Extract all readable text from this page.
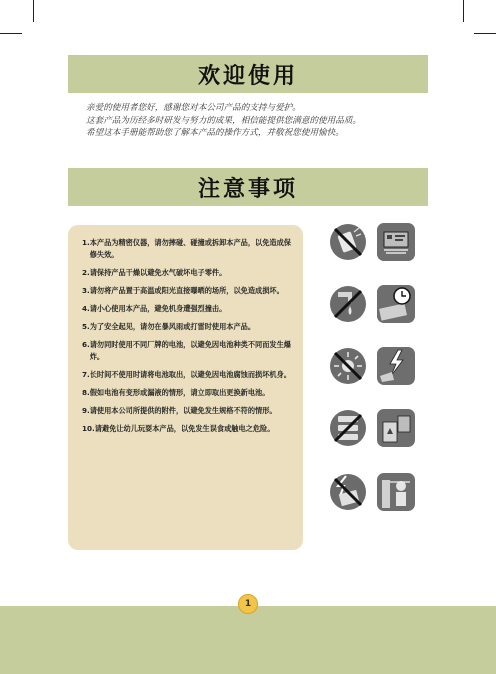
欢迎使用
亲爱的使用者您好，感谢您对本公司产品的支持与爱护。
这套产品为历经多时研发与努力的成果，相信能提供您满意的使用品质。
希望这本手册能帮助您了解本产品的操作方式，并敬祝您使用愉快。
注意事项
1. 本产品为精密仪器，请勿摔碰、碰撞或拆卸本产品，以免造成保修失效。
2. 请保持产品干燥以避免水气破坏电子零件。
3. 请勿将产品置于高温或阳光直接曝晒的场所，以免造成损坏。
4. 请小心使用本产品，避免机身遭强烈撞击。
5. 为了安全起见，请勿在暴风雨或打雷时使用本产品。
6. 请勿同时使用不同厂牌的电池，以避免因电池种类不同而发生爆炸。
7. 长时间不使用时请将电池取出，以避免因电池腐蚀而损坏机身。
8. 假如电池有变形或漏液的情形，请立即取出更换新电池。
9. 请使用本公司所提供的附件，以避免发生规格不符的情形。
10. 请避免让幼儿玩耍本产品，以免发生误食或触电之危险。
1
